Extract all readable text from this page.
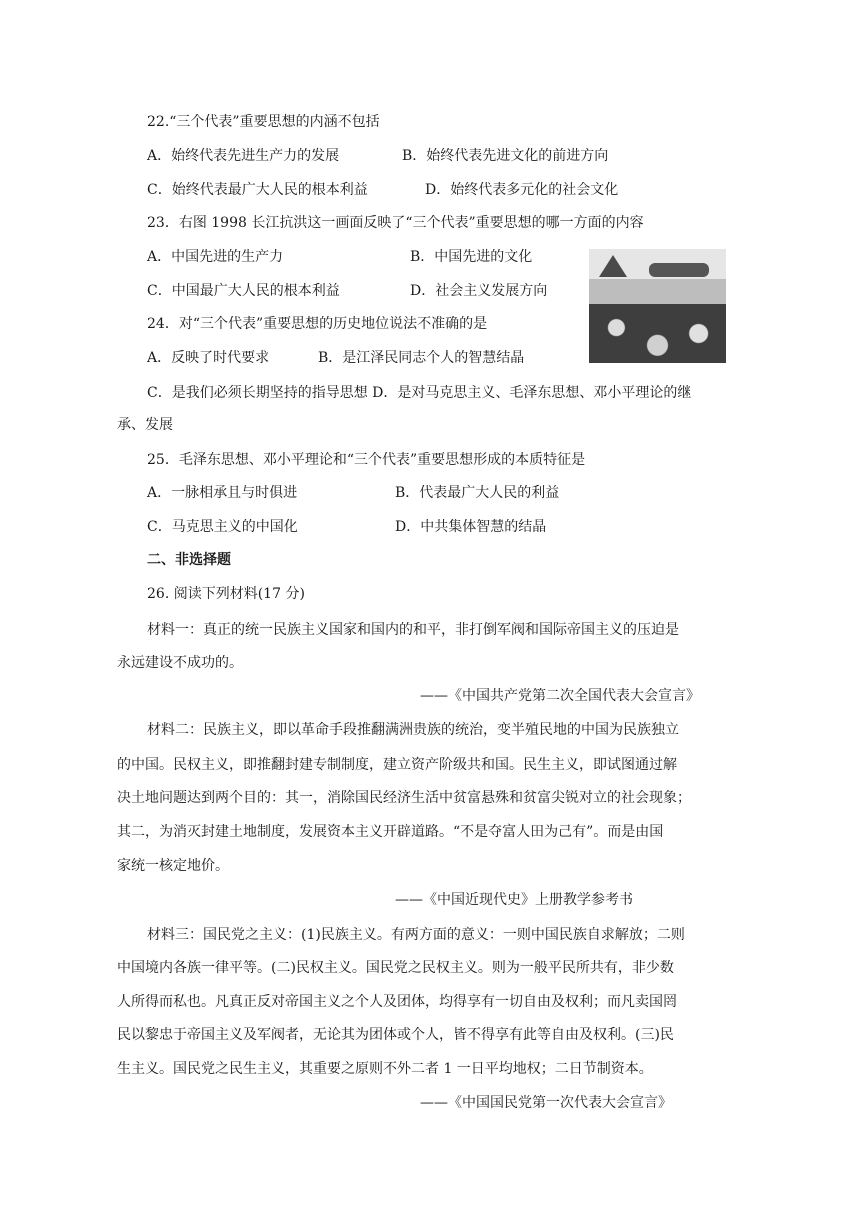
22.“三个代表”重要思想的内涵不包括
A．始终代表先进生产力的发展	B．始终代表先进文化的前进方向
C．始终代表最广大人民的根本利益	D．始终代表多元化的社会文化
23．右图 1998 长江抗洪这一画面反映了“三个代表”重要思想的哪一方面的内容
A．中国先进的生产力	B．中国先进的文化
C．中国最广大人民的根本利益	D．社会主义发展方向
24．对“三个代表”重要思想的历史地位说法不准确的是
A．反映了时代要求	B．是江泽民同志个人的智慧结晶
C．是我们必须长期坚持的指导思想 D．是对马克思主义、毛泽东思想、邓小平理论的继
承、发展
25．毛泽东思想、邓小平理论和“三个代表”重要思想形成的本质特征是
A．一脉相承且与时俱进	B．代表最广大人民的利益
C．马克思主义的中国化	D．中共集体智慧的结晶
二、非选择题
26. 阅读下列材料(17 分)
材料一：真正的统一民族主义国家和国内的和平，非打倒军阀和国际帝国主义的压迫是
永远建设不成功的。
——《中国共产党第二次全国代表大会宣言》
材料二：民族主义，即以革命手段推翻满洲贵族的统治，变半殖民地的中国为民族独立
的中国。民权主义，即推翻封建专制制度，建立资产阶级共和国。民生主义，即试图通过解
决土地问题达到两个目的：其一，消除国民经济生活中贫富悬殊和贫富尖锐对立的社会现象；
其二，为消灭封建土地制度，发展资本主义开辟道路。“不是夺富人田为己有”。而是由国
家统一核定地价。
——《中国近现代史》上册教学参考书
材料三：国民党之主义：(1)民族主义。有两方面的意义：一则中国民族自求解放；二则
中国境内各族一律平等。(二)民权主义。国民党之民权主义。则为一般平民所共有，非少数
人所得而私也。凡真正反对帝国主义之个人及团体，均得享有一切自由及权利；而凡卖国罔
民以黎忠于帝国主义及军阀者，无论其为团体或个人，皆不得享有此等自由及权利。(三)民
生主义。国民党之民生主义，其重要之原则不外二者 1 一日平均地权；二日节制资本。
——《中国国民党第一次代表大会宣言》
